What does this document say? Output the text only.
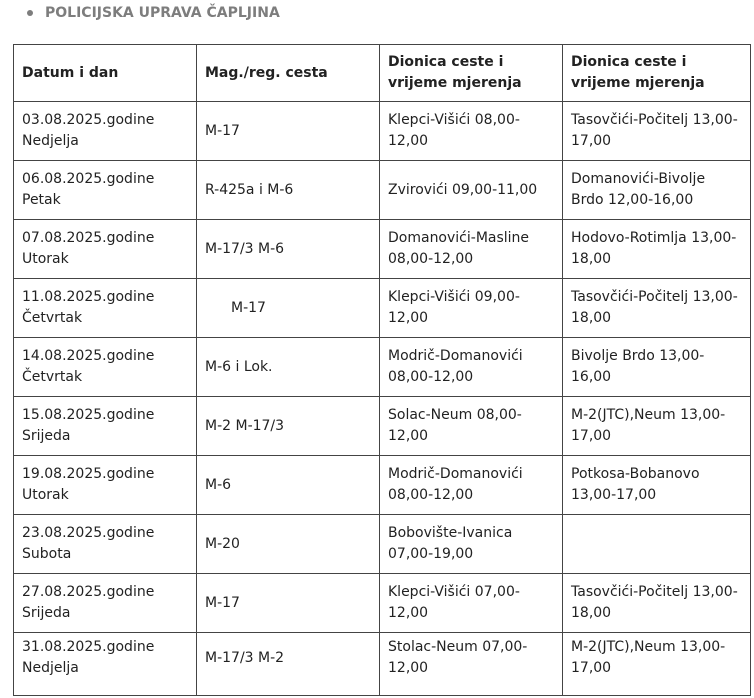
POLICIJSKA UPRAVA ČAPLJINA
Datum i dan	Mag./reg. cesta	Dionica ceste i vrijeme mjerenja	Dionica ceste i vrijeme mjerenja
03.08.2025.godine
Nedjelja	M-17	Klepci-Višići 08,00-12,00	Tasovčići-Počitelj 13,00-17,00
06.08.2025.godine
Petak	R-425a i M-6	Zvirovići 09,00-11,00	Domanovići-Bivolje Brdo 12,00-16,00
07.08.2025.godine
Utorak	M-17/3 M-6	Domanovići-Masline 08,00-12,00	Hodovo-Rotimlja 13,00-18,00
11.08.2025.godine
Četvrtak	M-17	Klepci-Višići 09,00-12,00	Tasovčići-Počitelj 13,00-18,00
14.08.2025.godine
Četvrtak	M-6 i Lok.	Modrič-Domanovići 08,00-12,00	Bivolje Brdo 13,00-16,00
15.08.2025.godine
Srijeda	M-2 M-17/3	Solac-Neum 08,00-12,00	M-2(JTC),Neum 13,00-17,00
19.08.2025.godine
Utorak	M-6	Modrič-Domanovići 08,00-12,00	Potkosa-Bobanovo 13,00-17,00
23.08.2025.godine
Subota	M-20	Bobovište-Ivanica 07,00-19,00	
27.08.2025.godine
Srijeda	M-17	Klepci-Višići 07,00-12,00	Tasovčići-Počitelj 13,00-18,00
31.08.2025.godine
Nedjelja	M-17/3 M-2	Stolac-Neum 07,00-12,00	M-2(JTC),Neum 13,00-17,00
